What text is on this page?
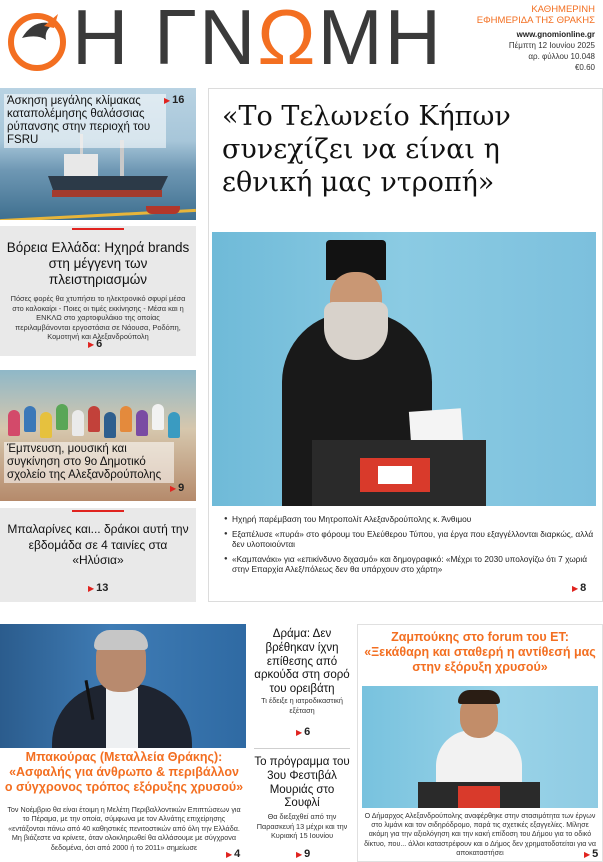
Η ΓΝΩΜΗ	ΚΑΘΗΜΕΡΙΝΗ
ΕΦΗΜΕΡΙΔΑ ΤΗΣ ΘΡΑΚΗΣ
www.gnomionline.gr
Πέμπτη 12 Ιουνίου 2025
αρ. φύλλου 10.048
€0.60
Άσκηση μεγάλης κλίμακας καταπολέμησης θαλάσσιας ρύπανσης στην περιοχή του FSRU
▶ 16
Βόρεια Ελλάδα: Ηχηρά brands στη μέγγενη των πλειστηριασμών
Πόσες φορές θα χτυπήσει το ηλεκτρονικό σφυρί μέσα στο καλοκαίρι - Ποιες οι τιμές εκκίνησης - Μέσα και η ΕΝΚΛΩ στο χαρτοφυλάκιο της οποίας περιλαμβάνονται εργοστάσια σε Νάουσα, Ροδόπη, Κομοτηνή και Αλεξανδρούπολη
▶ 6
Έμπνευση, μουσική και συγκίνηση στο 9ο Δημοτικό σχολείο της Αλεξανδρούπολης
▶ 9
Μπαλαρίνες και... δράκοι αυτή την εβδομάδα σε 4 ταινίες στα «Ηλύσια»
▶ 13
«Το Τελωνείο Κήπων συνεχίζει να είναι η εθνική μας ντροπή»
● Ηχηρή παρέμβαση του Μητροπολίτ Αλεξανδρούπολης κ. Άνθιμου
● Εξαπέλυσε «πυρά» στο φόρουμ του Ελεύθερου Τύπου, για έργα που εξαγγέλλονται διαρκώς, αλλά δεν υλοποιούνται
● «Καμπανάκι» για «επικίνδυνο διχασμό» και δημογραφικό: «Μέχρι το 2030 υπολογίζω ότι 7 χωριά στην Επαρχία Αλεξ/πόλεως δεν θα υπάρχουν στο χάρτη»
▶ 8
Μπακούρας (Μεταλλεία Θράκης): «Ασφαλής για άνθρωπο & περιβάλλον ο σύγχρονος τρόπος εξόρυξης χρυσού»
Τον Νοέμβριο θα είναι έτοιμη η Μελέτη Περιβαλλοντικών Επιπτώσεων για το Πέραμα, με την οποία, σύμφωνα με τον Αλνάτης επιχείρησης «εντάξονται πάνω από 40 καθηστικές πενιτοστικών από όλη την Ελλάδα. Μη βιάζεστε να κρίνετε, όταν ολοκληρωθεί θα αλλάσουμε με σύγχρονα δεδομένα, όσι από 2000 ή το 2011» σημείωσε
▶ 4
Δράμα: Δεν βρέθηκαν ίχνη επίθεσης από αρκούδα στη σορό του ορειβάτη
Τι έδειξε η ιατροδικαστική εξέταση
▶ 6
Το πρόγραμμα του 3ου Φεστιβάλ Μουριάς στο Σουφλί
Θα διεξαχθεί από την Παρασκευή 13 μέχρι και την Κυριακή 15 Ιουνίου
▶ 9
Ζαμπούκης στο forum του ΕΤ: «Ξεκάθαρη και σταθερή η αντίθεσή μας στην εξόρυξη χρυσού»
Ο Δήμαρχος Αλεξανδρούπολης αναφέρθηκε στην στασιμότητα των έργων στο λιμάνι και τον σιδηρόδρομο, παρά τις σχετικές εξαγγελίες. Μίλησε ακόμη για την αξιολόγηση και την κακή επίδοση του Δήμου για το οδικό δίκτυο, που... άλλοι καταστρέφουν και ο Δήμος δεν χρηματοδοτείται για να αποκαταστήσει	▶ 5
